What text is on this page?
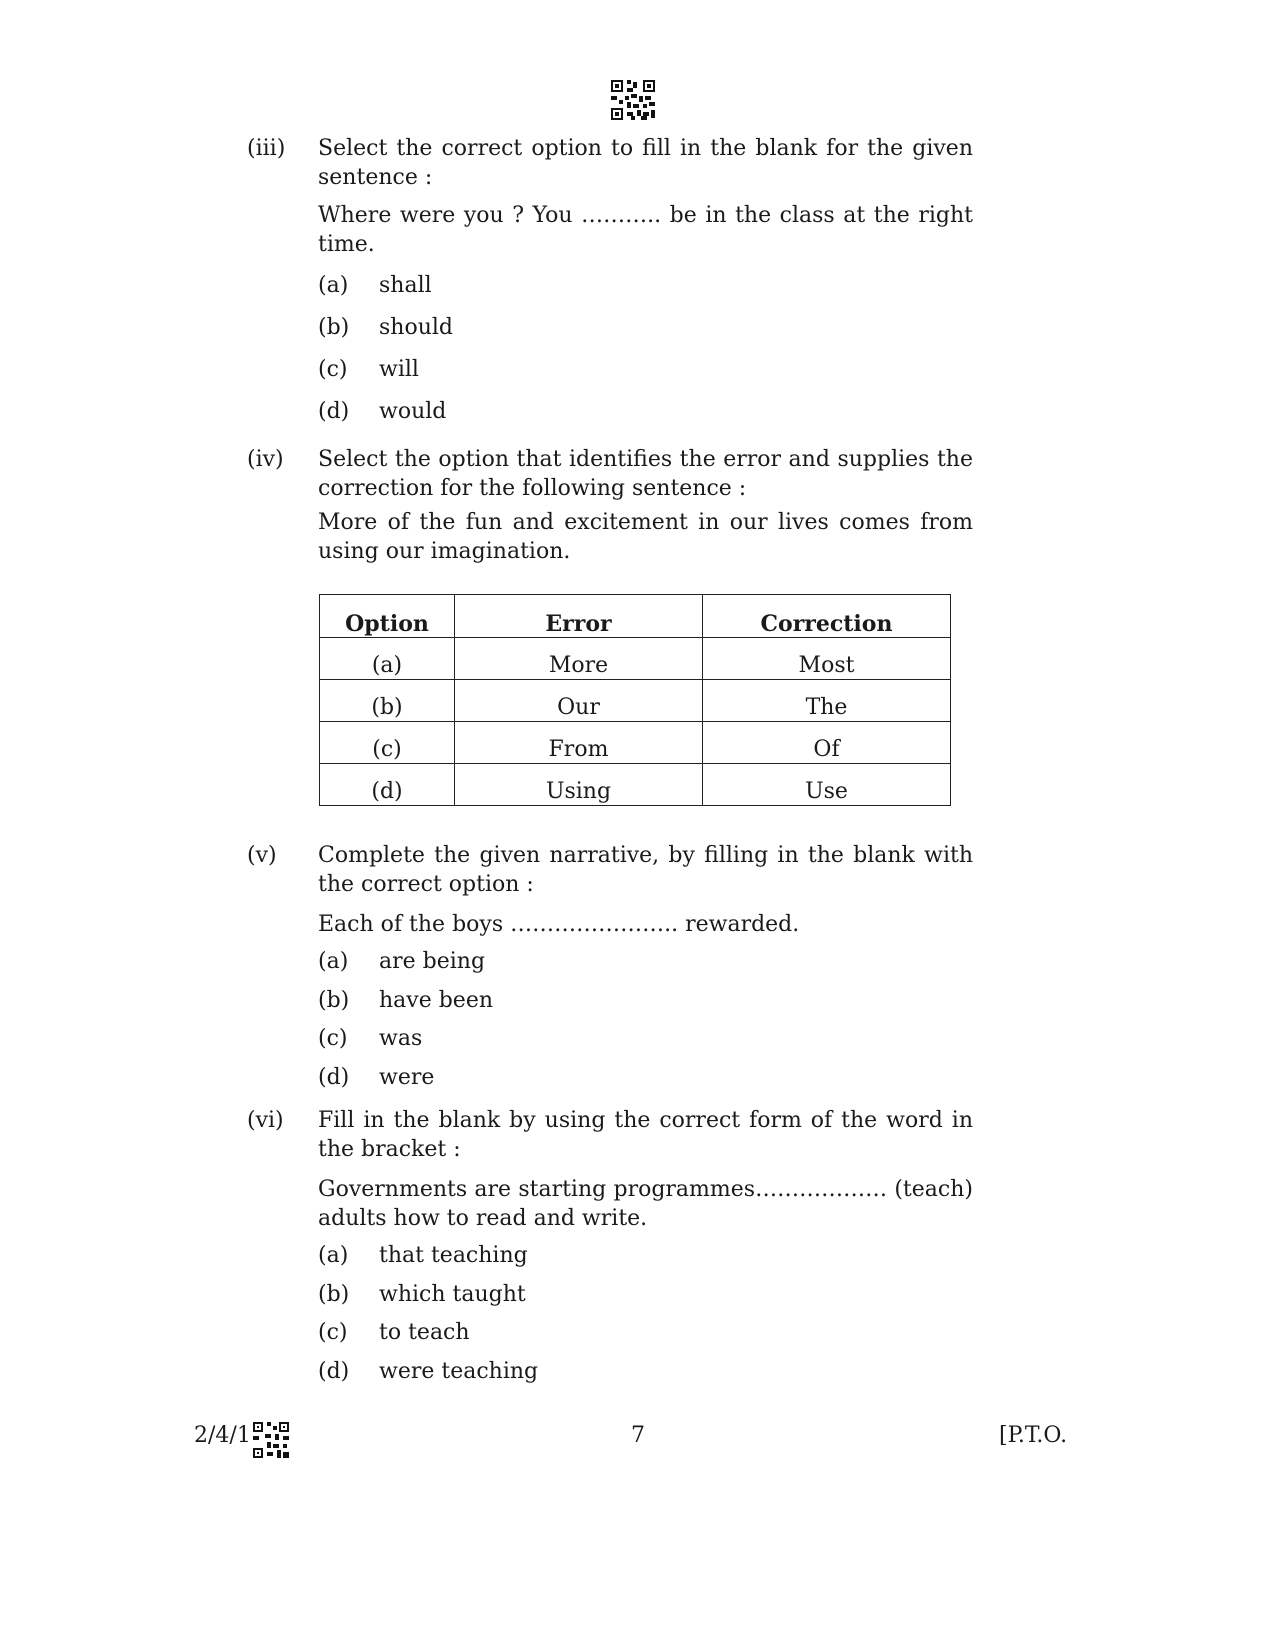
(iii) Select the correct option to fill in the blank for the given sentence :
Where were you ? You ……….. be in the class at the right time.
(a) shall
(b) should
(c) will
(d) would
(iv) Select the option that identifies the error and supplies the correction for the following sentence :
More of the fun and excitement in our lives comes from using our imagination.
Option	Error	Correction
(a)	More	Most
(b)	Our	The
(c)	From	Of
(d)	Using	Use
(v) Complete the given narrative, by filling in the blank with the correct option :
Each of the boys ………………….. rewarded.
(a) are being
(b) have been
(c) was
(d) were
(vi) Fill in the blank by using the correct form of the word in the bracket :
Governments are starting programmes……………… (teach) adults how to read and write.
(a) that teaching
(b) which taught
(c) to teach
(d) were teaching
2/4/1	7	[P.T.O.
